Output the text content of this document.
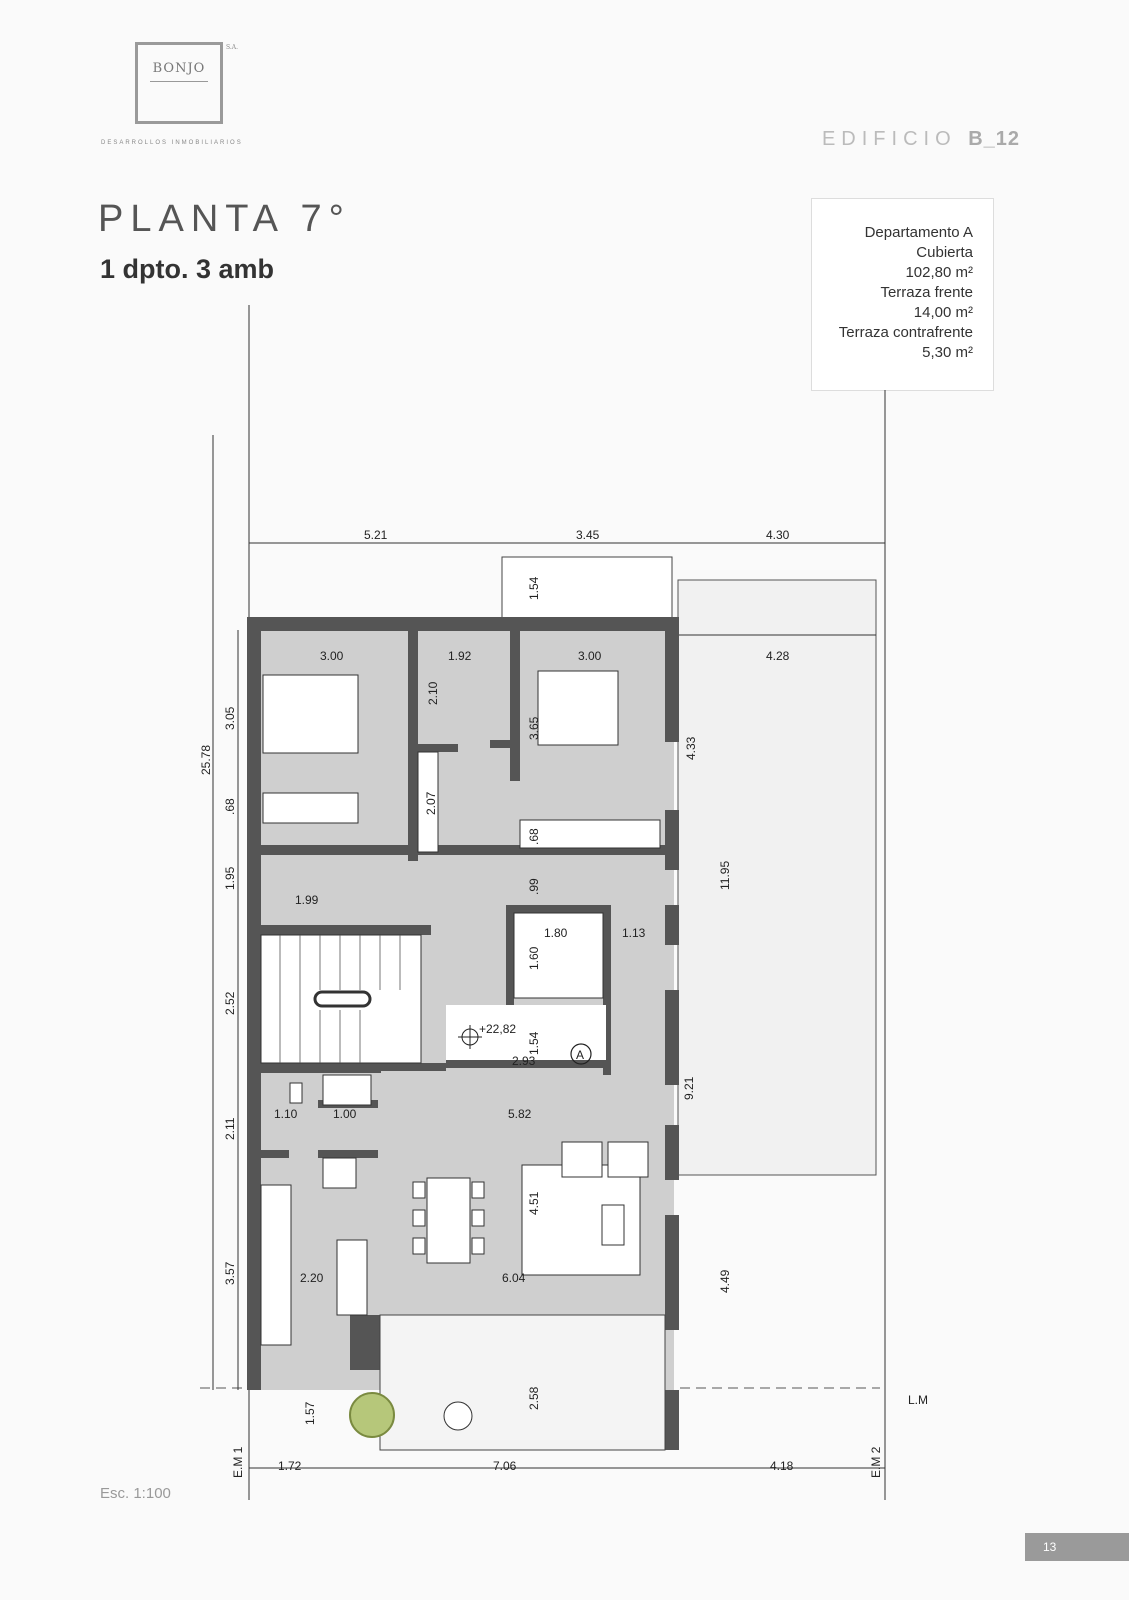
BONJO
S.A.
DESARROLLOS INMOBILIARIOS	EDIFICIO B_12
PLANTA 7°
1 dpto. 3 amb
Departamento A
Cubierta
102,80 m²
Terraza frente
14,00 m²
Terraza contrafrente
5,30 m²
5.21	3.45	4.30
1.54
3.00	1.92	3.00	4.28
2.10
3.65
3.05
.68	2.07
.68
25.78	4.33
11.95
.99
1.95
1.99
1.80	1.13
1.60
2.52
+22,82
1.54
2.93	A
9.21
1.10	1.00	5.82
2.11
4.51
3.57	2.20	6.04	4.49
2.58
1.57
1.72	7.06	4.18
L.M
E.M 1	E.M 2
Esc. 1:100
13
